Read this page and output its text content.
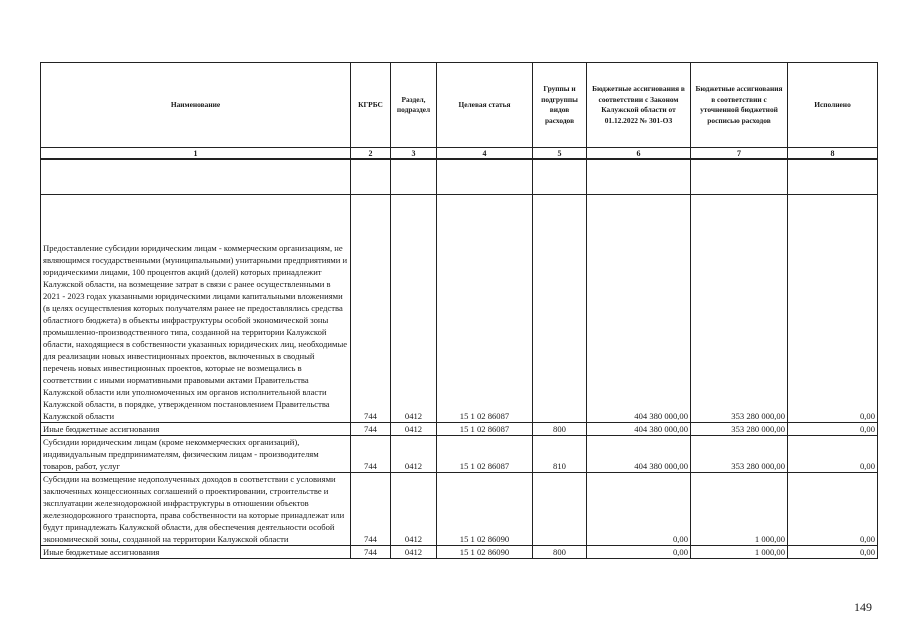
Наименование	КГРБС	Раздел, подраздел	Целевая статья	Группы и подгруппы видов расходов	Бюджетные ассигнования в соответствии с Законом Калужской области от 01.12.2022 № 301-ОЗ	Бюджетные ассигнования в соответствии с уточненной бюджетной росписью расходов	Исполнено
1	2	3	4	5	6	7	8

Предоставление субсидии юридическим лицам - коммерческим организациям, не являющимся государственными (муниципальными) унитарными предприятиями и юридическими лицами, 100 процентов акций (долей) которых принадлежит Калужской области, на возмещение затрат в связи с ранее осуществленными в 2021 - 2023 годах указанными юридическими лицами капитальными вложениями (в целях осуществления которых получателям ранее не предоставлялись средства областного бюджета) в объекты инфраструктуры особой экономической зоны промышленно-производственного типа, созданной на территории Калужской области, находящиеся в собственности указанных юридических лиц, необходимые для реализации новых инвестиционных проектов, включенных в сводный перечень новых инвестиционных проектов, которые не возмещались в соответствии с иными нормативными правовыми актами Правительства Калужской области или уполномоченных им органов исполнительной власти Калужской области, в порядке, утвержденном постановлением Правительства Калужской области	744	0412	15 1 02 86087		404 380 000,00	353 280 000,00	0,00
Иные бюджетные ассигнования	744	0412	15 1 02 86087	800	404 380 000,00	353 280 000,00	0,00
Субсидии юридическим лицам (кроме некоммерческих организаций), индивидуальным предпринимателям, физическим лицам - производителям товаров, работ, услуг	744	0412	15 1 02 86087	810	404 380 000,00	353 280 000,00	0,00
Субсидии на возмещение недополученных доходов в соответствии с условиями заключенных концессионных соглашений о проектировании, строительстве и эксплуатации железнодорожной инфраструктуры в отношении объектов железнодорожного транспорта, права собственности на которые принадлежат или будут принадлежать Калужской области, для обеспечения деятельности особой экономической зоны, созданной на территории Калужской области	744	0412	15 1 02 86090		0,00	1 000,00	0,00
Иные бюджетные ассигнования	744	0412	15 1 02 86090	800	0,00	1 000,00	0,00
149
